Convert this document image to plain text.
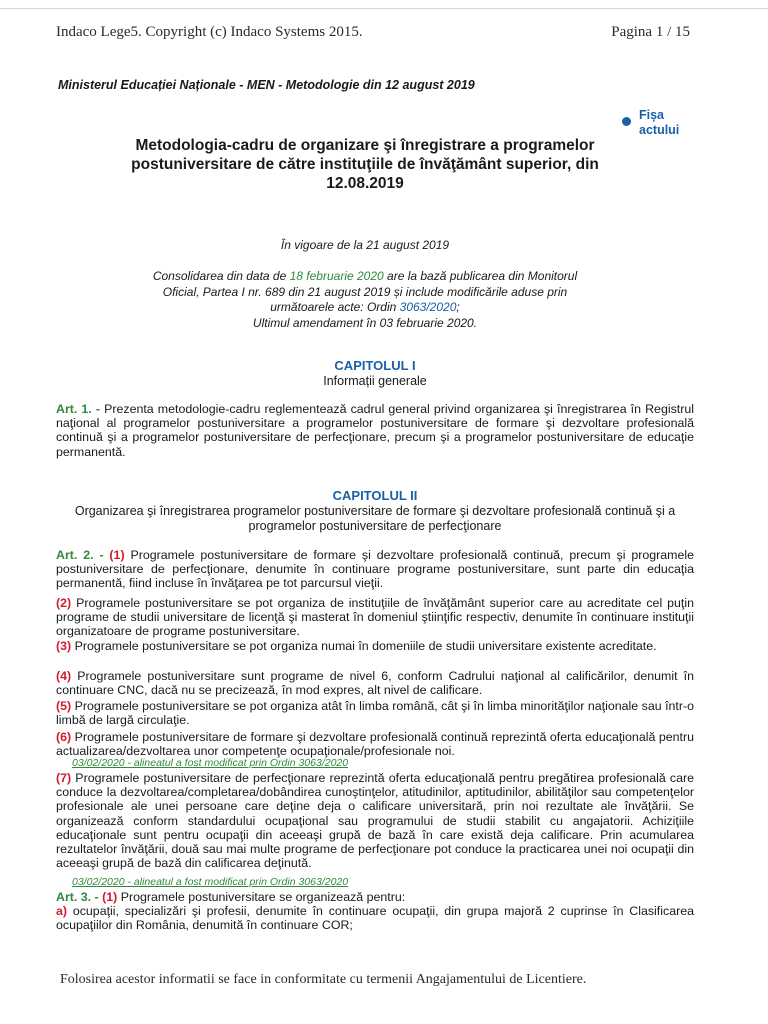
Indaco Lege5. Copyright (c) Indaco Systems 2015.	Pagina 1 / 15
Ministerul Educației Naționale - MEN - Metodologie din 12 august 2019
Fișa actului
Metodologia-cadru de organizare şi înregistrare a programelor postuniversitare de către instituţiile de învăţământ superior, din 12.08.2019
În vigoare de la 21 august 2019
Consolidarea din data de 18 februarie 2020 are la bază publicarea din Monitorul
Oficial, Partea I nr. 689 din 21 august 2019 și include modificările aduse prin
următoarele acte: Ordin 3063/2020;
Ultimul amendament în 03 februarie 2020.
CAPITOLUL I
Informații generale
Art. 1. - Prezenta metodologie-cadru reglementează cadrul general privind organizarea şi înregistrarea în Registrul naţional al programelor postuniversitare a programelor postuniversitare de formare şi dezvoltare profesională continuă şi a programelor postuniversitare de perfecţionare, precum şi a programelor postuniversitare de educaţie permanentă.
CAPITOLUL II
Organizarea şi înregistrarea programelor postuniversitare de formare şi dezvoltare profesională continuă şi a programelor postuniversitare de perfecţionare
Art. 2. - (1) Programele postuniversitare de formare şi dezvoltare profesională continuă, precum şi programele postuniversitare de perfecţionare, denumite în continuare programe postuniversitare, sunt parte din educaţia permanentă, fiind incluse în învăţarea pe tot parcursul vieţii.
(2) Programele postuniversitare se pot organiza de instituţiile de învăţământ superior care au acreditate cel puţin programe de studii universitare de licenţă şi masterat în domeniul ştiinţific respectiv, denumite în continuare instituţii organizatoare de programe postuniversitare.
(3) Programele postuniversitare se pot organiza numai în domeniile de studii universitare existente acreditate.
(4) Programele postuniversitare sunt programe de nivel 6, conform Cadrului naţional al calificărilor, denumit în continuare CNC, dacă nu se precizează, în mod expres, alt nivel de calificare.
(5) Programele postuniversitare se pot organiza atât în limba română, cât şi în limba minorităţilor naţionale sau într-o limbă de largă circulaţie.
(6) Programele postuniversitare de formare şi dezvoltare profesională continuă reprezintă oferta educaţională pentru actualizarea/dezvoltarea unor competenţe ocupaţionale/profesionale noi.
03/02/2020 - alineatul a fost modificat prin Ordin 3063/2020
(7) Programele postuniversitare de perfecţionare reprezintă oferta educaţională pentru pregătirea profesională care conduce la dezvoltarea/completarea/dobândirea cunoştinţelor, atitudinilor, aptitudinilor, abilităţilor sau competenţelor profesionale ale unei persoane care deţine deja o calificare universitară, prin noi rezultate ale învăţării. Se organizează conform standardului ocupaţional sau programului de studii stabilit cu angajatorii. Achiziţiile educaţionale sunt pentru ocupaţii din aceeaşi grupă de bază în care există deja calificare. Prin acumularea rezultatelor învăţării, două sau mai multe programe de perfecţionare pot conduce la practicarea unei noi ocupaţii din aceeaşi grupă de bază din calificarea deţinută.
03/02/2020 - alineatul a fost modificat prin Ordin 3063/2020
Art. 3. - (1) Programele postuniversitare se organizează pentru:
a) ocupaţii, specializări şi profesii, denumite în continuare ocupaţii, din grupa majoră 2 cuprinse în Clasificarea ocupaţiilor din România, denumită în continuare COR;
Folosirea acestor informatii se face in conformitate cu termenii Angajamentului de Licentiere.
